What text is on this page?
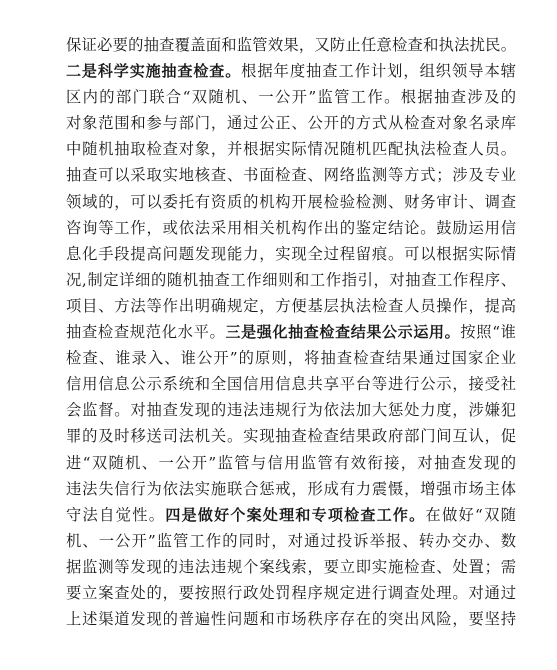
保证必要的抽查覆盖面和监管效果，又防止任意检查和执法扰民。
二是科学实施抽查检查。根据年度抽查工作计划，组织领导本辖
区内的部门联合“双随机、一公开”监管工作。根据抽查涉及的
对象范围和参与部门，通过公正、公开的方式从检查对象名录库
中随机抽取检查对象，并根据实际情况随机匹配执法检查人员。
抽查可以采取实地核查、书面检查、网络监测等方式；涉及专业
领域的，可以委托有资质的机构开展检验检测、财务审计、调查
咨询等工作，或依法采用相关机构作出的鉴定结论。鼓励运用信
息化手段提高问题发现能力，实现全过程留痕。可以根据实际情
况,制定详细的随机抽查工作细则和工作指引，对抽查工作程序、
项目、方法等作出明确规定，方便基层执法检查人员操作，提高
抽查检查规范化水平。三是强化抽查检查结果公示运用。按照“谁
检查、谁录入、谁公开”的原则，将抽查检查结果通过国家企业
信用信息公示系统和全国信用信息共享平台等进行公示，接受社
会监督。对抽查发现的违法违规行为依法加大惩处力度，涉嫌犯
罪的及时移送司法机关。实现抽查检查结果政府部门间互认，促
进“双随机、一公开”监管与信用监管有效衔接，对抽查发现的
违法失信行为依法实施联合惩戒，形成有力震慑，增强市场主体
守法自觉性。四是做好个案处理和专项检查工作。在做好“双随
机、一公开”监管工作的同时，对通过投诉举报、转办交办、数
据监测等发现的违法违规个案线索，要立即实施检查、处置；需
要立案查处的，要按照行政处罚程序规定进行调查处理。对通过
上述渠道发现的普遍性问题和市场秩序存在的突出风险，要坚持
